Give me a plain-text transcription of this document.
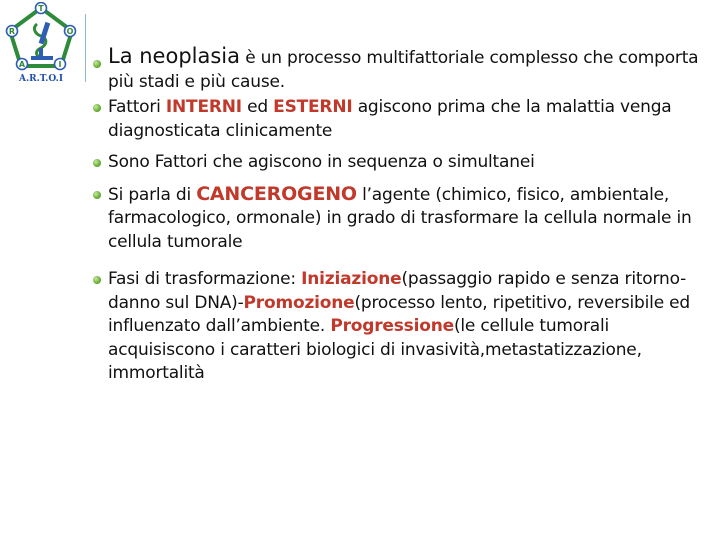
T
R	O
A	I
A.R.T.O.I
La neoplasia è un processo multifattoriale complesso che comporta più stadi e più cause.
Fattori INTERNI ed ESTERNI agiscono prima che la malattia venga diagnosticata clinicamente
Sono Fattori che agiscono in sequenza o simultanei
Si parla di CANCEROGENO l’agente (chimico, fisico, ambientale, farmacologico, ormonale) in grado di trasformare la cellula normale in cellula tumorale
Fasi di trasformazione: Iniziazione(passaggio rapido e senza ritorno-danno sul DNA)-Promozione(processo lento, ripetitivo, reversibile ed influenzato dall’ambiente. Progressione(le cellule tumorali acquisiscono i caratteri biologici di invasività,metastatizzazione, immortalità
